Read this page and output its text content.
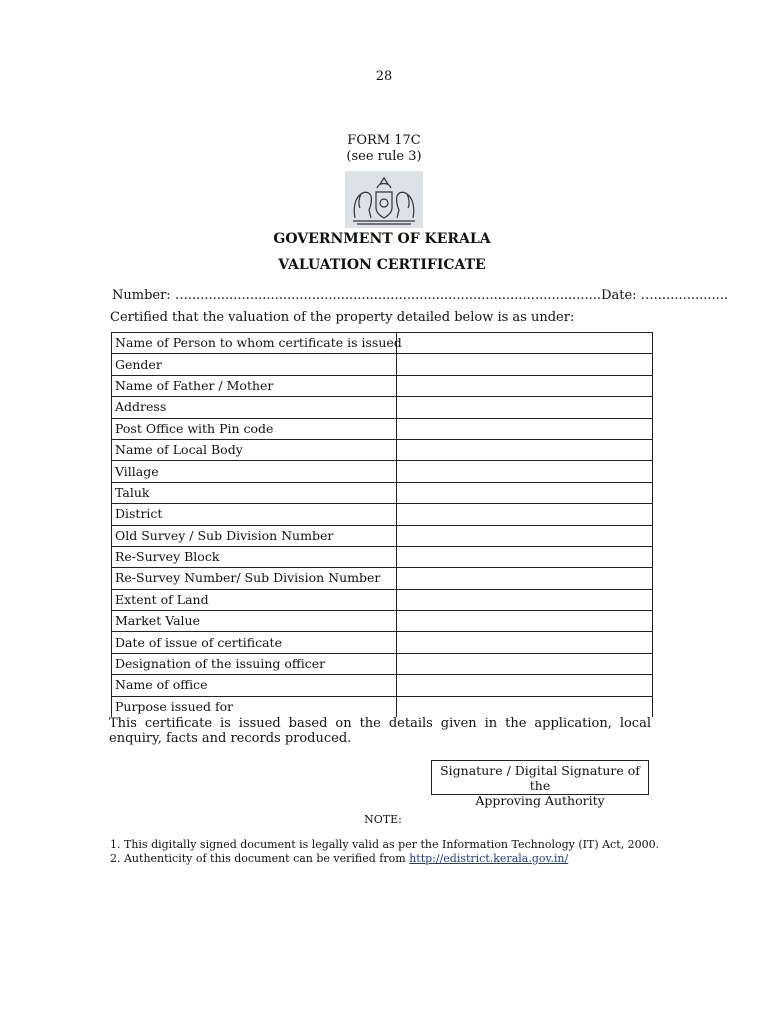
28
FORM 17C
(see rule 3)
GOVERNMENT OF KERALA
VALUATION CERTIFICATE
Number: …....................................................................................................Date: …..................
Certified that the valuation of the property detailed below is as under:
Name of Person to whom certificate is issued	
Gender	
Name of Father / Mother	
Address	
Post Office with Pin code	
Name of Local Body	
Village	
Taluk	
District	
Old Survey / Sub Division Number	
Re-Survey Block	
Re-Survey Number/ Sub Division Number	
Extent of Land	
Market Value	
Date of issue of certificate	
Designation of the issuing officer	
Name of office	
Purpose issued for	
This certificate is issued based on the details given in the application, local enquiry, facts and records produced.
Signature / Digital Signature of the
Approving Authority
NOTE:
1. This digitally signed document is legally valid as per the Information Technology (IT) Act, 2000.
2. Authenticity of this document can be verified from http://edistrict.kerala.gov.in/
